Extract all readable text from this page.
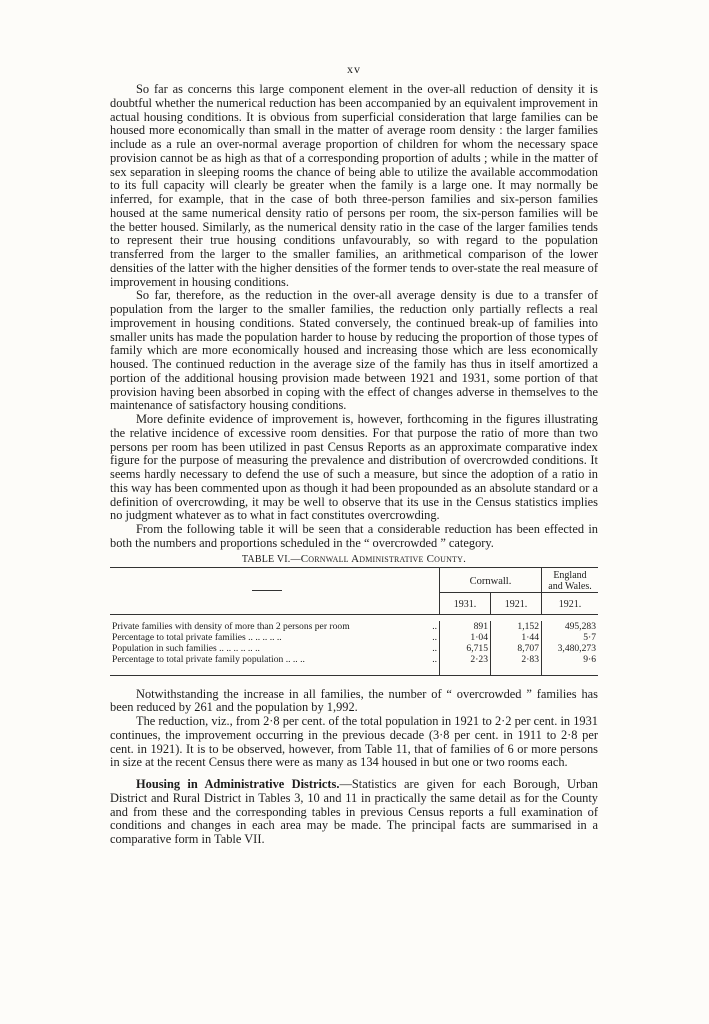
xv

So far as concerns this large component element in the over-all reduction of density it is doubtful whether the numerical reduction has been accompanied by an equivalent improvement in actual housing conditions. It is obvious from superficial consideration that large families can be housed more economically than small in the matter of average room density : the larger families include as a rule an over-normal average proportion of children for whom the necessary space provision cannot be as high as that of a corresponding proportion of adults ; while in the matter of sex separation in sleeping rooms the chance of being able to utilize the available accommodation to its full capacity will clearly be greater when the family is a large one. It may normally be inferred, for example, that in the case of both three-person families and six-person families housed at the same numerical density ratio of persons per room, the six-person families will be the better housed. Similarly, as the numerical density ratio in the case of the larger families tends to represent their true housing conditions unfavourably, so with regard to the population transferred from the larger to the smaller families, an arithmetical comparison of the lower densities of the latter with the higher densities of the former tends to over-state the real measure of improvement in housing conditions.

So far, therefore, as the reduction in the over-all average density is due to a transfer of population from the larger to the smaller families, the reduction only partially reflects a real improvement in housing conditions. Stated conversely, the continued break-up of families into smaller units has made the population harder to house by reducing the proportion of those types of family which are more economically housed and increasing those which are less economically housed. The continued reduction in the average size of the family has thus in itself amortized a portion of the additional housing provision made between 1921 and 1931, some portion of that provision having been absorbed in coping with the effect of changes adverse in themselves to the maintenance of satisfactory housing conditions.

More definite evidence of improvement is, however, forthcoming in the figures illustrating the relative incidence of excessive room densities. For that purpose the ratio of more than two persons per room has been utilized in past Census Reports as an approximate comparative index figure for the purpose of measuring the prevalence and distribution of overcrowded conditions. It seems hardly necessary to defend the use of such a measure, but since the adoption of a ratio in this way has been commented upon as though it had been propounded as an absolute standard or a definition of overcrowding, it may be well to observe that its use in the Census statistics implies no judgment whatever as to what in fact constitutes overcrowding.

From the following table it will be seen that a considerable reduction has been effected in both the numbers and proportions scheduled in the “ overcrowded ” category.

TABLE VI.—Cornwall Administrative County.
		Cornwall.		England
and Wales.

		1931.	1921.	1921.

Private families with density of more than 2 persons per room	..	891	1,152	495,283
Percentage to total private families .. .. .. .. ..	..	1·04	1·44	5·7
Population in such families .. .. .. .. .. ..	..	6,715	8,707	3,480,273
Percentage to total private family population .. .. ..	..	2·23	2·83	9·6

Notwithstanding the increase in all families, the number of “ overcrowded ” families has been reduced by 261 and the population by 1,992.

The reduction, viz., from 2·8 per cent. of the total population in 1921 to 2·2 per cent. in 1931 continues, the improvement occurring in the previous decade (3·8 per cent. in 1911 to 2·8 per cent. in 1921). It is to be observed, however, from Table 11, that of families of 6 or more persons in size at the recent Census there were as many as 134 housed in but one or two rooms each.

Housing in Administrative Districts.—Statistics are given for each Borough, Urban District and Rural District in Tables 3, 10 and 11 in practically the same detail as for the County and from these and the corresponding tables in previous Census reports a full examination of conditions and changes in each area may be made. The principal facts are summarised in a comparative form in Table VII.
